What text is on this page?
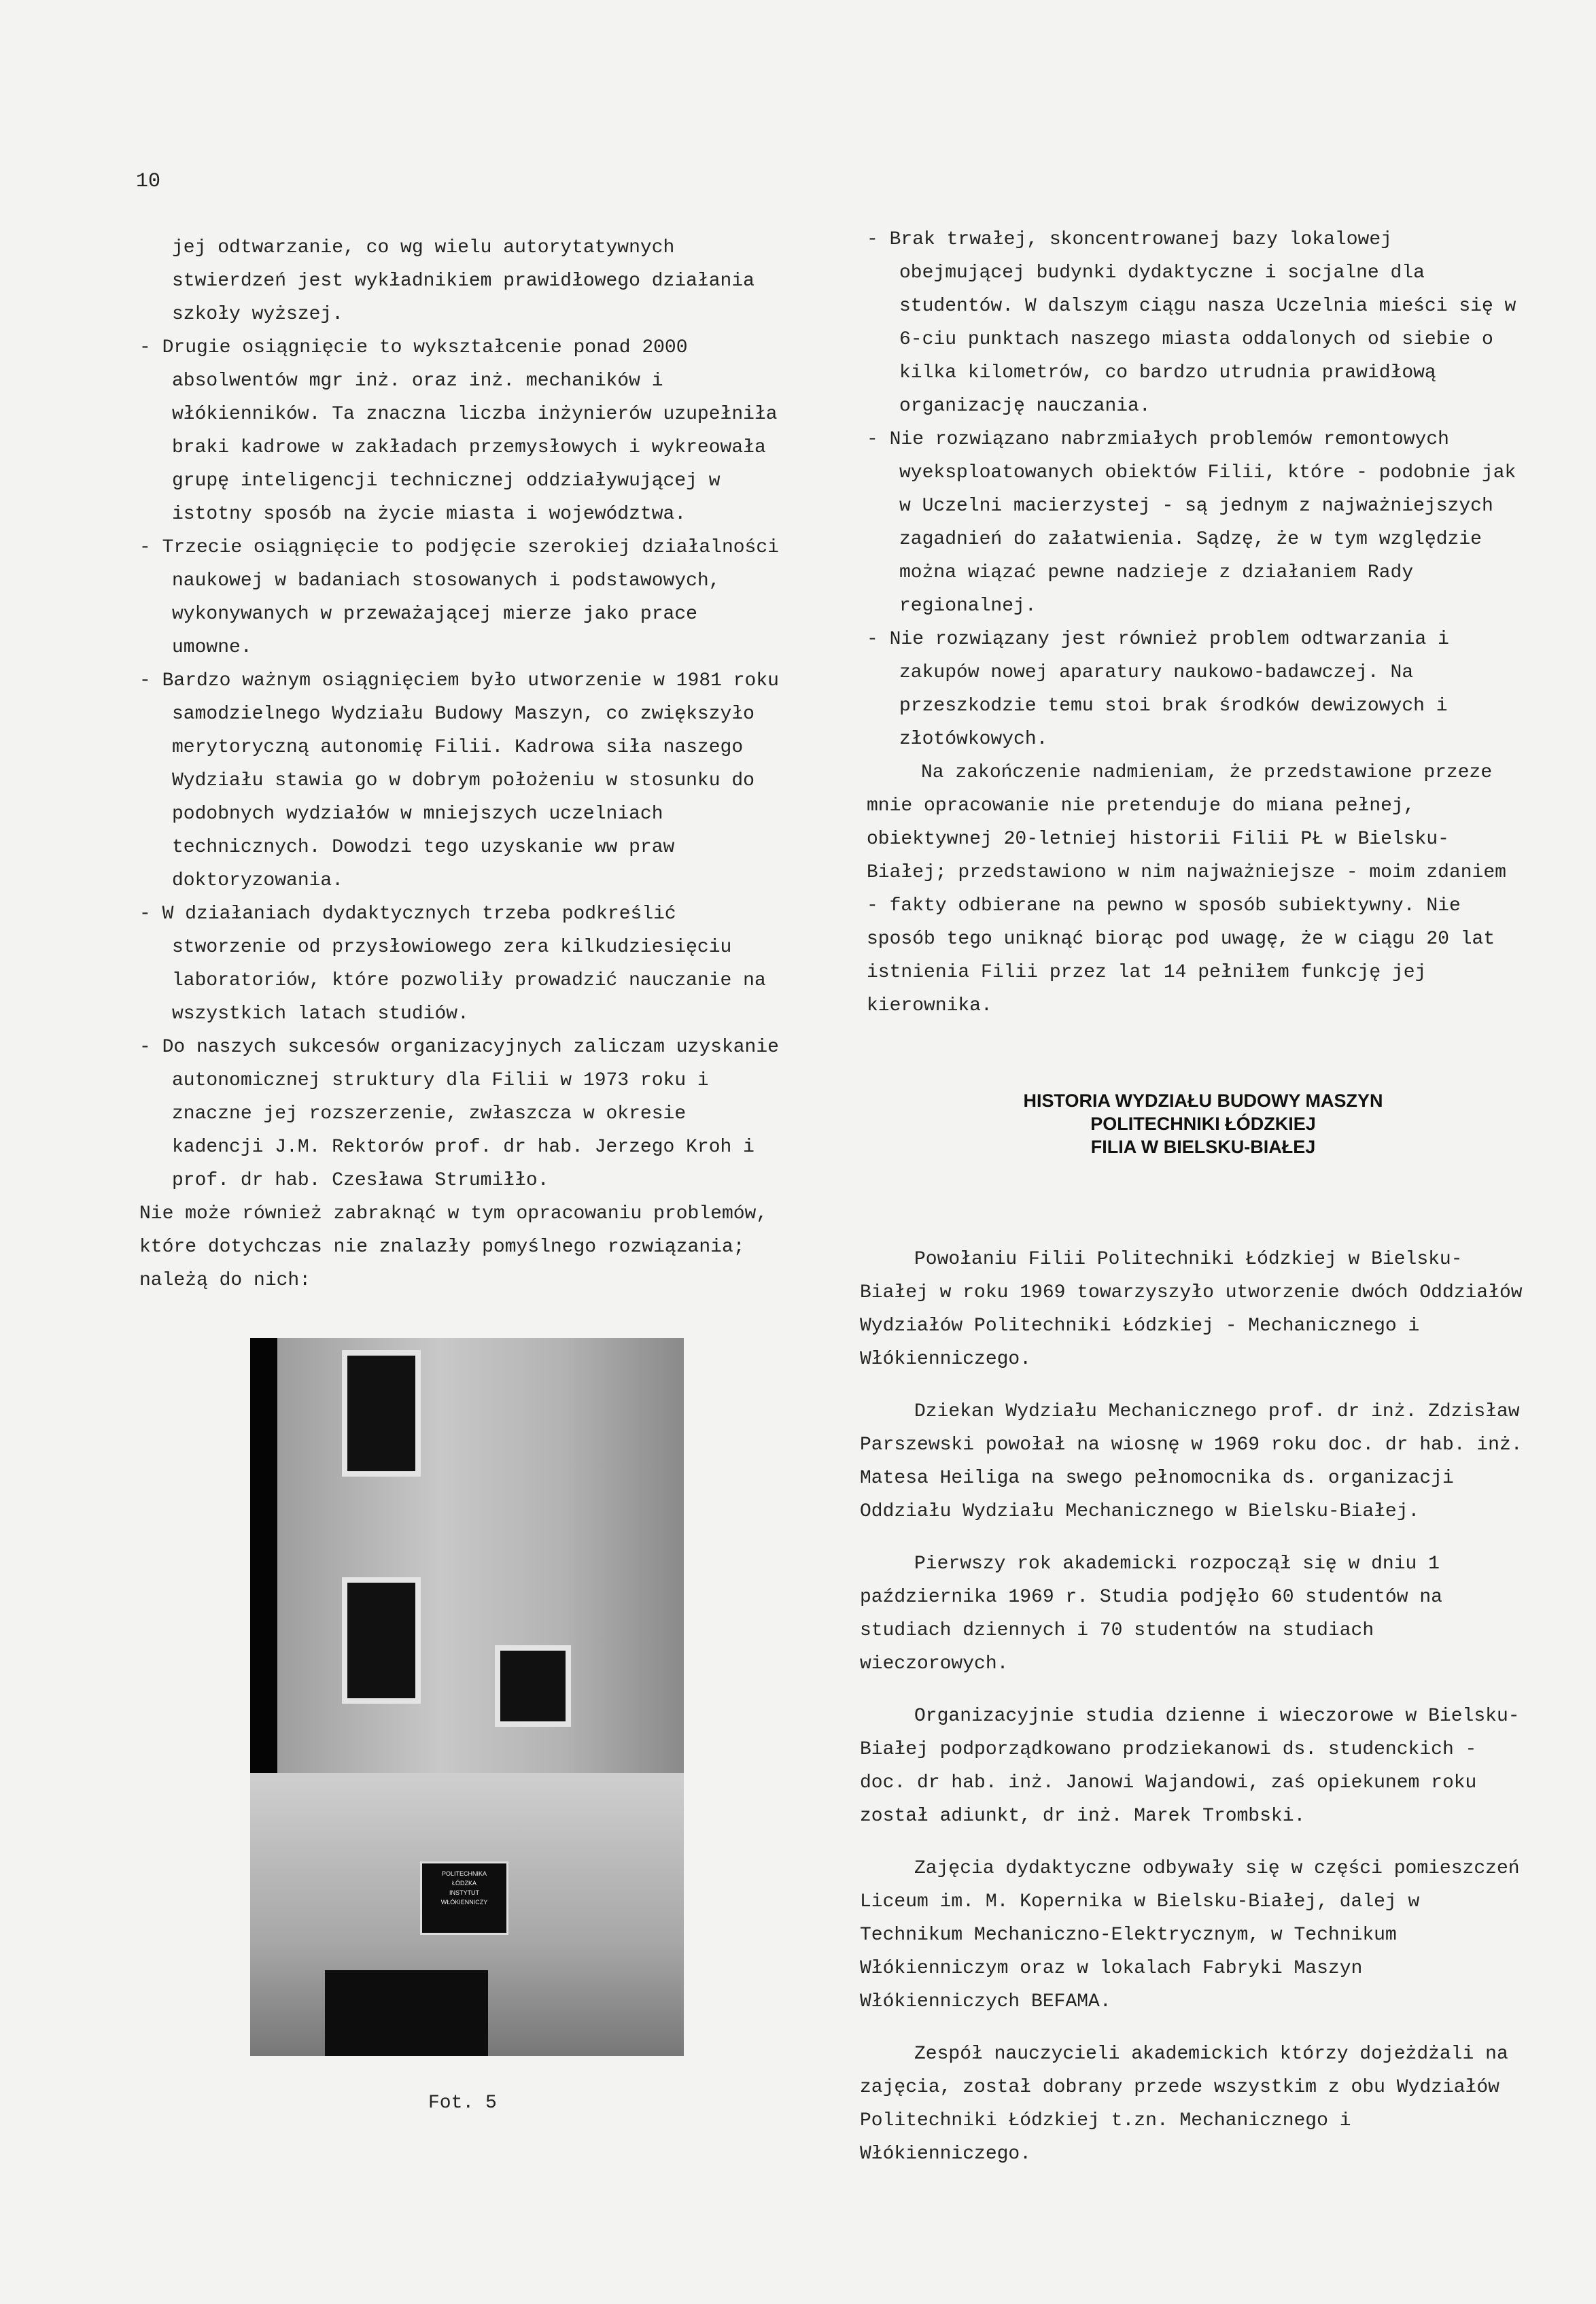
10

jej odtwarzanie, co wg wielu autorytatywnych stwierdzeń jest wykładnikiem prawidłowego działania szkoły wyższej.

- Drugie osiągnięcie to wykształcenie ponad 2000 absolwentów mgr inż. oraz inż. mechaników i włókienników. Ta znaczna liczba inżynierów uzupełniła braki kadrowe w zakładach przemysłowych i wykreowała grupę inteligencji technicznej oddziaływującej w istotny sposób na życie miasta i województwa.

- Trzecie osiągnięcie to podjęcie szerokiej działalności naukowej w badaniach stosowanych i podstawowych, wykonywanych w przeważającej mierze jako prace umowne.

- Bardzo ważnym osiągnięciem było utworzenie w 1981 roku samodzielnego Wydziału Budowy Maszyn, co zwiększyło merytoryczną autonomię Filii. Kadrowa siła naszego Wydziału stawia go w dobrym położeniu w stosunku do podobnych wydziałów w mniejszych uczelniach technicznych. Dowodzi tego uzyskanie ww praw doktoryzowania.

- W działaniach dydaktycznych trzeba podkreślić stworzenie od przysłowiowego zera kilkudziesięciu laboratoriów, które pozwoliły prowadzić nauczanie na wszystkich latach studiów.

- Do naszych sukcesów organizacyjnych zaliczam uzyskanie autonomicznej struktury dla Filii w 1973 roku i znaczne jej rozszerzenie, zwłaszcza w okresie kadencji J.M. Rektorów prof. dr hab. Jerzego Kroh i prof. dr hab. Czesława Strumiłło.

Nie może również zabraknąć w tym opracowaniu problemów, które dotychczas nie znalazły pomyślnego rozwiązania; należą do nich:

POLITECHNIKA
ŁÓDZKA
INSTYTUT
WŁÓKIENNICZY
Fot. 5

- Brak trwałej, skoncentrowanej bazy lokalowej obejmującej budynki dydaktyczne i socjalne dla studentów. W dalszym ciągu nasza Uczelnia mieści się w 6-ciu punktach naszego miasta oddalonych od siebie o kilka kilometrów, co bardzo utrudnia prawidłową organizację nauczania.

- Nie rozwiązano nabrzmiałych problemów remontowych wyeksploatowanych obiektów Filii, które - podobnie jak w Uczelni macierzystej - są jednym z najważniejszych zagadnień do załatwienia. Sądzę, że w tym względzie można wiązać pewne nadzieje z działaniem Rady regionalnej.

- Nie rozwiązany jest również problem odtwarzania i zakupów nowej aparatury naukowo-badawczej. Na przeszkodzie temu stoi brak środków dewizowych i złotówkowych.

Na zakończenie nadmieniam, że przedstawione przeze mnie opracowanie nie pretenduje do miana pełnej, obiektywnej 20-letniej historii Filii PŁ w Bielsku-Białej; przedstawiono w nim najważniejsze - moim zdaniem - fakty odbierane na pewno w sposób subiektywny. Nie sposób tego uniknąć biorąc pod uwagę, że w ciągu 20 lat istnienia Filii przez lat 14 pełniłem funkcję jej kierownika.

HISTORIA WYDZIAŁU BUDOWY MASZYN
POLITECHNIKI ŁÓDZKIEJ
FILIA W BIELSKU-BIAŁEJ

Powołaniu Filii Politechniki Łódzkiej w Bielsku-Białej w roku 1969 towarzyszyło utworzenie dwóch Oddziałów Wydziałów Politechniki Łódzkiej - Mechanicznego i Włókienniczego.

Dziekan Wydziału Mechanicznego prof. dr inż. Zdzisław Parszewski powołał na wiosnę w 1969 roku doc. dr hab. inż. Matesa Heiliga na swego pełnomocnika ds. organizacji Oddziału Wydziału Mechanicznego w Bielsku-Białej.

Pierwszy rok akademicki rozpoczął się w dniu 1 października 1969 r. Studia podjęło 60 studentów na studiach dziennych i 70 studentów na studiach wieczorowych.

Organizacyjnie studia dzienne i wieczorowe w Bielsku-Białej podporządkowano prodziekanowi ds. studenckich - doc. dr hab. inż. Janowi Wajandowi, zaś opiekunem roku został adiunkt, dr inż. Marek Trombski.

Zajęcia dydaktyczne odbywały się w części pomieszczeń Liceum im. M. Kopernika w Bielsku-Białej, dalej w Technikum Mechaniczno-Elektrycznym, w Technikum Włókienniczym oraz w lokalach Fabryki Maszyn Włókienniczych BEFAMA.

Zespół nauczycieli akademickich którzy dojeżdżali na zajęcia, został dobrany przede wszystkim z obu Wydziałów Politechniki Łódzkiej t.zn. Mechanicznego i Włókienniczego.
